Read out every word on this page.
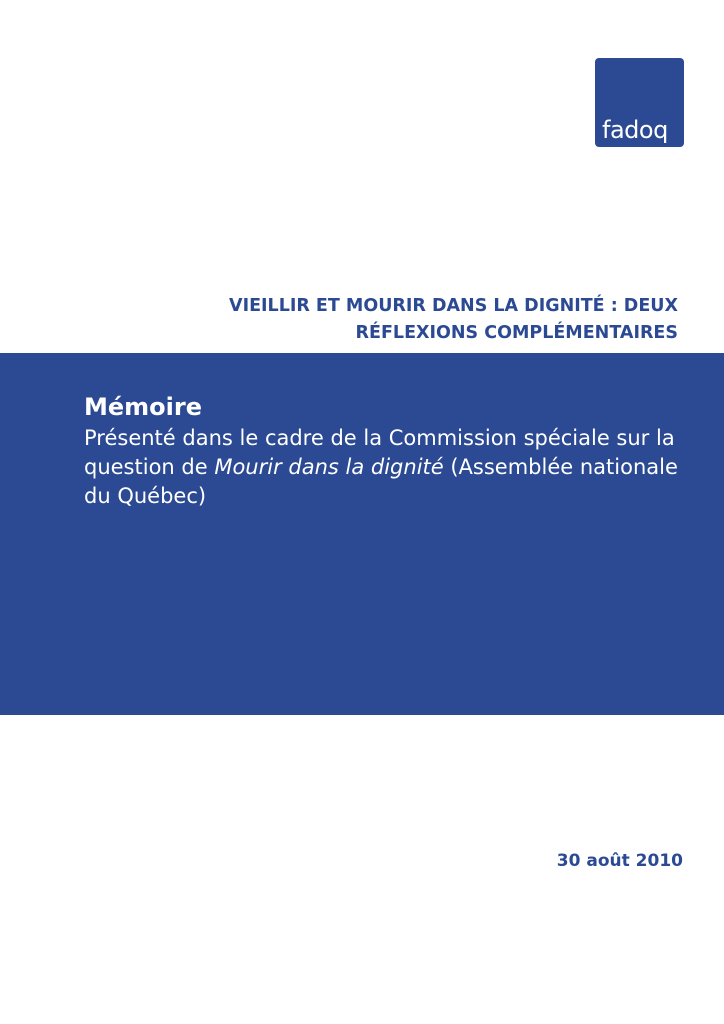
fadoq
VIEILLIR ET MOURIR DANS LA DIGNITÉ : DEUX
RÉFLEXIONS COMPLÉMENTAIRES
Mémoire

Présenté dans le cadre de la Commission spéciale sur la question de Mourir dans la dignité (Assemblée nationale du Québec)

30 août 2010
